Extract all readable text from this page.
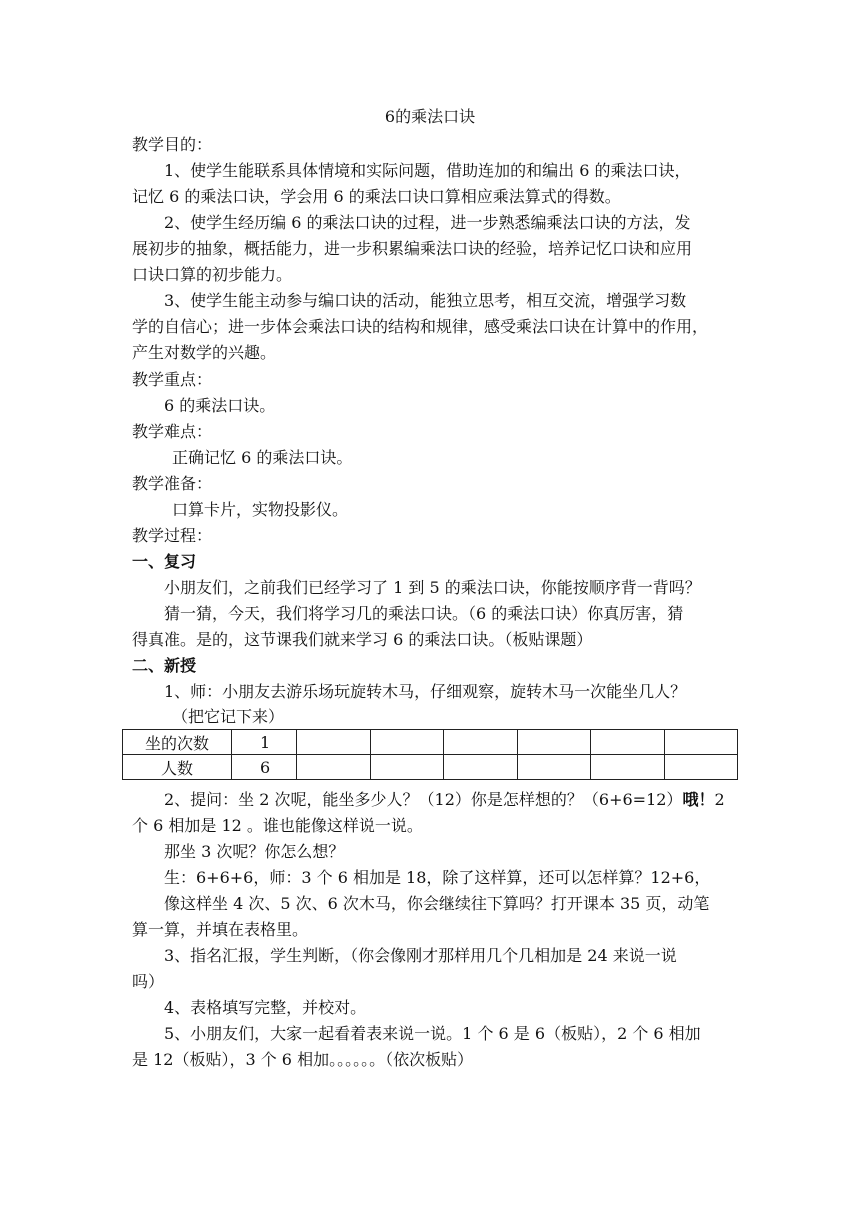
6的乘法口诀

教学目的：

1、使学生能联系具体情境和实际问题，借助连加的和编出 6 的乘法口诀，

记忆 6 的乘法口诀，学会用 6 的乘法口诀口算相应乘法算式的得数。

2、使学生经历编 6 的乘法口诀的过程，进一步熟悉编乘法口诀的方法，发

展初步的抽象，概括能力，进一步积累编乘法口诀的经验，培养记忆口诀和应用

口诀口算的初步能力。

3、使学生能主动参与编口诀的活动，能独立思考，相互交流，增强学习数

学的自信心；进一步体会乘法口诀的结构和规律，感受乘法口诀在计算中的作用，

产生对数学的兴趣。

教学重点：

6 的乘法口诀。

教学难点：

正确记忆 6 的乘法口诀。

教学准备：

口算卡片，实物投影仪。

教学过程：

一、复习

小朋友们，之前我们已经学习了 1 到 5 的乘法口诀，你能按顺序背一背吗？

猜一猜，今天，我们将学习几的乘法口诀。（6 的乘法口诀）你真厉害，猜

得真准。是的，这节课我们就来学习 6 的乘法口诀。（板贴课题）

二、新授

1、师：小朋友去游乐场玩旋转木马，仔细观察，旋转木马一次能坐几人？

（把它记下来）

坐的次数	1						
人数	6						

2、提问：坐 2 次呢，能坐多少人？（12）你是怎样想的？（6+6=12）哦！2

个 6 相加是 12 。谁也能像这样说一说。

那坐 3 次呢？你怎么想？

生：6+6+6，师：3 个 6 相加是 18，除了这样算，还可以怎样算？12+6，

像这样坐 4 次、5 次、6 次木马，你会继续往下算吗？打开课本 35 页，动笔

算一算，并填在表格里。

3、指名汇报，学生判断，（你会像刚才那样用几个几相加是 24 来说一说

吗）

4、表格填写完整，并校对。

5、小朋友们，大家一起看着表来说一说。1 个 6 是 6（板贴），2 个 6 相加

是 12（板贴），3 个 6 相加。。。。。。（依次板贴）
